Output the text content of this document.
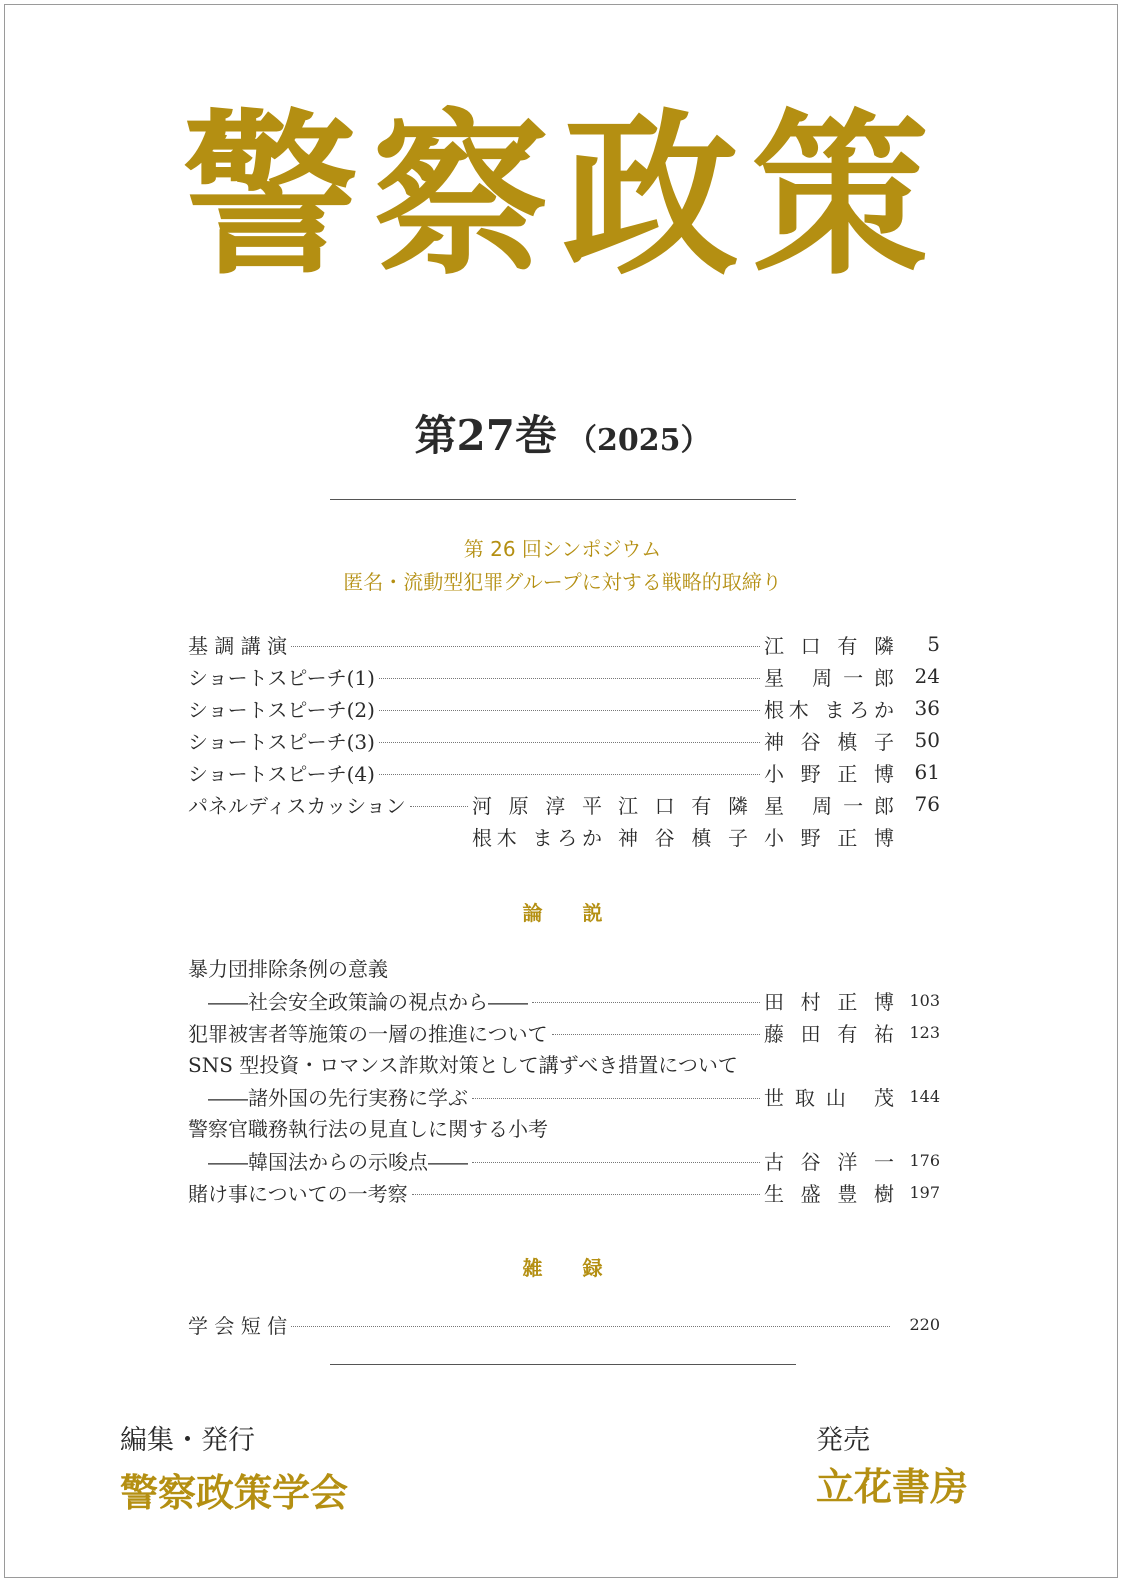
警察政策
第27巻 （2025）
第 26 回シンポジウム
匿名・流動型犯罪グループに対する戦略的取締り
基 調 講 演	江口有隣	5
ショートスピーチ(1)	星 周一郎	24
ショートスピーチ(2)	根木 まろか	36
ショートスピーチ(3)	神谷槙子	50
ショートスピーチ(4)	小野正博	61
パネルディスカッション	河原淳平 江口有隣 星 周一郎	76
根木 まろか 神谷槙子 小野正博
論説
暴力団排除条例の意義
――社会安全政策論の視点から――	田村正博 103
犯罪被害者等施策の一層の推進について	藤田有祐 123
SNS 型投資・ロマンス詐欺対策として講ずべき措置について
――諸外国の先行実務に学ぶ	世取山 茂 144
警察官職務執行法の見直しに関する小考
――韓国法からの示唆点――	古谷洋一 176
賭け事についての一考察	生盛豊樹 197
雑録
学 会 短 信	220
編集・発行
警察政策学会
発売
立花書房
